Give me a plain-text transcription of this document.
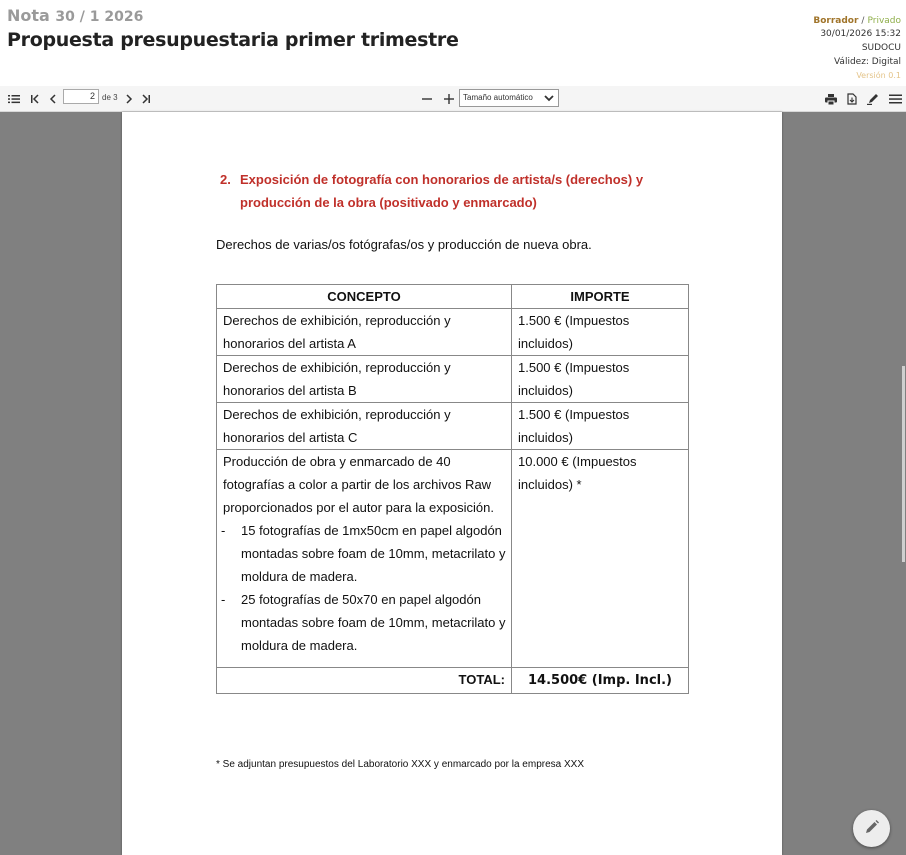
Nota 30 / 1 2026
Propuesta presupuestaria primer trimestre
Borrador / Privado
30/01/2026 15:32
SUDOCU
Válidez: Digital
Versión 0.1
2 de 3	Tamaño automático
2. Exposición de fotografía con honorarios de artista/s (derechos) y producción de la obra (positivado y enmarcado)
Derechos de varias/os fotógrafas/os y producción de nueva obra.
CONCEPTO	IMPORTE
Derechos de exhibición, reproducción y honorarios del artista A	1.500 € (Impuestos incluidos)
Derechos de exhibición, reproducción y honorarios del artista B	1.500 € (Impuestos incluidos)
Derechos de exhibición, reproducción y honorarios del artista C	1.500 € (Impuestos incluidos)

Producción de obra y enmarcado de 40 fotografías a color a partir de los archivos Raw proporcionados por el autor para la exposición.
- 15 fotografías de 1mx50cm en papel algodón montadas sobre foam de 10mm, metacrilato y moldura de madera.
- 25 fotografías de 50x70 en papel algodón montadas sobre foam de 10mm, metacrilato y moldura de madera.	10.000 € (Impuestos incluidos) *
TOTAL:	14.500€ (Imp. Incl.)
* Se adjuntan presupuestos del Laboratorio XXX y enmarcado por la empresa XXX
